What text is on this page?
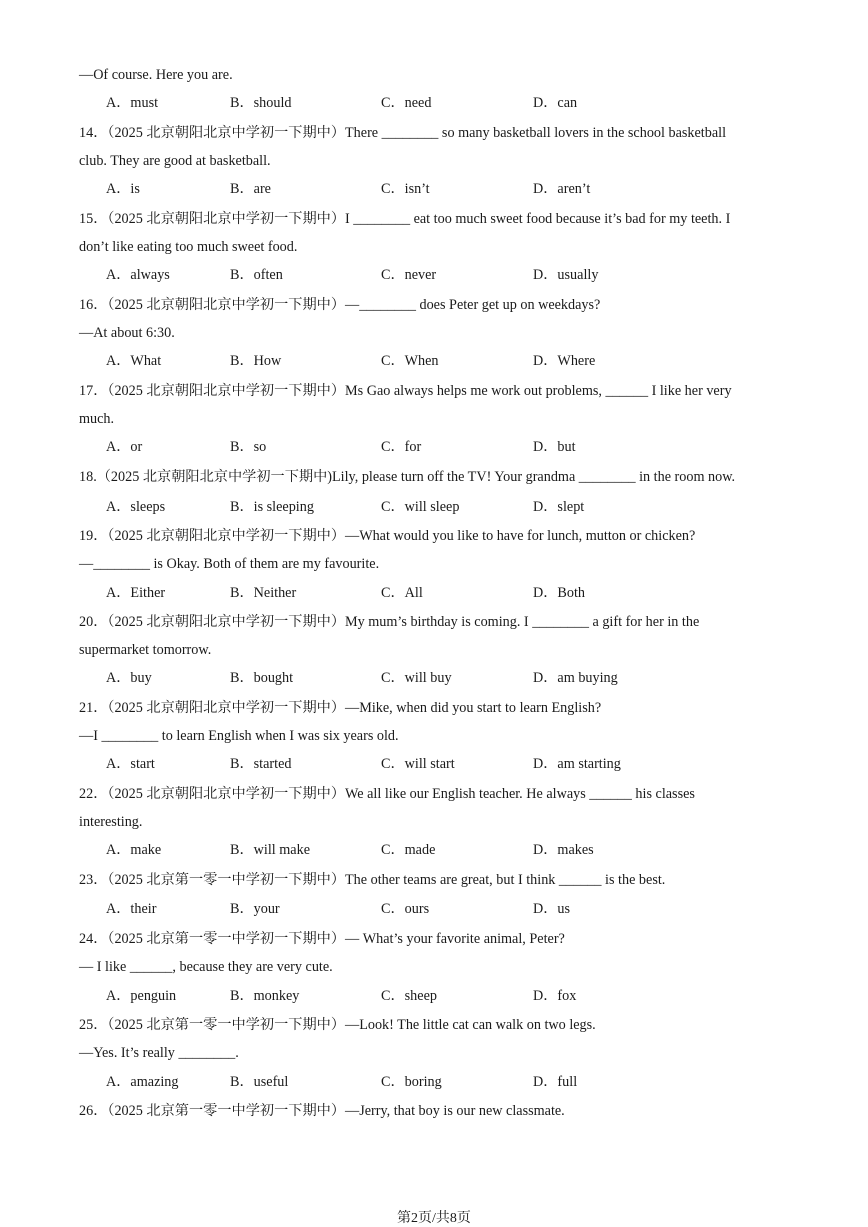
—Of course. Here you are.
A．must	B．should	C．need	D．can
14．（2025 北京朝阳北京中学初一下期中）There ________ so many basketball lovers in the school basketball
club. They are good at basketball.
A．is	B．are	C．isn’t	D．aren’t
15．（2025 北京朝阳北京中学初一下期中）I ________ eat too much sweet food because it’s bad for my teeth. I
don’t like eating too much sweet food.
A．always	B．often	C．never	D．usually
16．（2025 北京朝阳北京中学初一下期中）—________ does Peter get up on weekdays?
—At about 6:30.
A．What	B．How	C．When	D．Where
17．（2025 北京朝阳北京中学初一下期中）Ms Gao always helps me work out problems, ______ I like her very
much.
A．or	B．so	C．for	D．but
18.（2025 北京朝阳北京中学初一下期中)Lily, please turn off the TV! Your grandma ________ in the room now.
A．sleeps	B．is sleeping	C．will sleep	D．slept
19．（2025 北京朝阳北京中学初一下期中）—What would you like to have for lunch, mutton or chicken?
—________ is Okay. Both of them are my favourite.
A．Either	B．Neither	C．All	D．Both
20．（2025 北京朝阳北京中学初一下期中）My mum’s birthday is coming. I ________ a gift for her in the
supermarket tomorrow.
A．buy	B．bought	C．will buy	D．am buying
21．（2025 北京朝阳北京中学初一下期中）—Mike, when did you start to learn English?
—I ________ to learn English when I was six years old.
A．start	B．started	C．will start	D．am starting
22．（2025 北京朝阳北京中学初一下期中）We all like our English teacher. He always ______ his classes
interesting.
A．make	B．will make	C．made	D．makes
23．（2025 北京第一零一中学初一下期中）The other teams are great, but I think ______ is the best.
A．their	B．your	C．ours	D．us
24．（2025 北京第一零一中学初一下期中）— What’s your favorite animal, Peter?
— I like ______, because they are very cute.
A．penguin	B．monkey	C．sheep	D．fox
25．（2025 北京第一零一中学初一下期中）—Look! The little cat can walk on two legs.
—Yes. It’s really ________.
A．amazing	B．useful	C．boring	D．full
26．（2025 北京第一零一中学初一下期中）—Jerry, that boy is our new classmate.
第2页/共8页
